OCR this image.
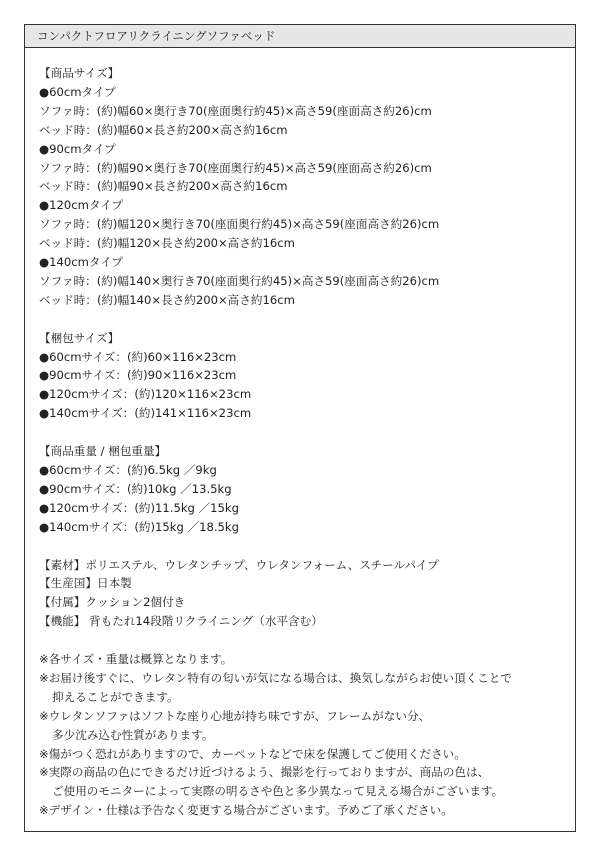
コンパクトフロアリクライニングソファベッド
【商品サイズ】
●60cmタイプ
ソファ時：(約)幅60×奥行き70(座面奥行約45)×高さ59(座面高さ約26)cm
ベッド時：(約)幅60×長さ約200×高さ約16cm
●90cmタイプ
ソファ時：(約)幅90×奥行き70(座面奥行約45)×高さ59(座面高さ約26)cm
ベッド時：(約)幅90×長さ約200×高さ約16cm
●120cmタイプ
ソファ時：(約)幅120×奥行き70(座面奥行約45)×高さ59(座面高さ約26)cm
ベッド時：(約)幅120×長さ約200×高さ約16cm
●140cmタイプ
ソファ時：(約)幅140×奥行き70(座面奥行約45)×高さ59(座面高さ約26)cm
ベッド時：(約)幅140×長さ約200×高さ約16cm
【梱包サイズ】
●60cmサイズ：(約)60×116×23cm
●90cmサイズ：(約)90×116×23cm
●120cmサイズ：(約)120×116×23cm
●140cmサイズ：(約)141×116×23cm
【商品重量 / 梱包重量】
●60cmサイズ：(約)6.5kg ／9kg
●90cmサイズ：(約)10kg ／13.5kg
●120cmサイズ：(約)11.5kg ／15kg
●140cmサイズ：(約)15kg ／18.5kg
【素材】ポリエステル、ウレタンチップ、ウレタンフォーム、スチールパイプ
【生産国】日本製
【付属】クッション2個付き
【機能】 背もたれ14段階リクライニング（水平含む）
※各サイズ・重量は概算となります。
※お届け後すぐに、ウレタン特有の匂いが気になる場合は、換気しながらお使い頂くことで
抑えることができます。
※ウレタンソファはソフトな座り心地が持ち味ですが、フレームがない分、
多少沈み込む性質があります。
※傷がつく恐れがありますので、カーペットなどで床を保護してご使用ください。
※実際の商品の色にできるだけ近づけるよう、撮影を行っておりますが、商品の色は、
ご使用のモニターによって実際の明るさや色と多少異なって見える場合がございます。
※デザイン・仕様は予告なく変更する場合がございます。予めご了承ください。
